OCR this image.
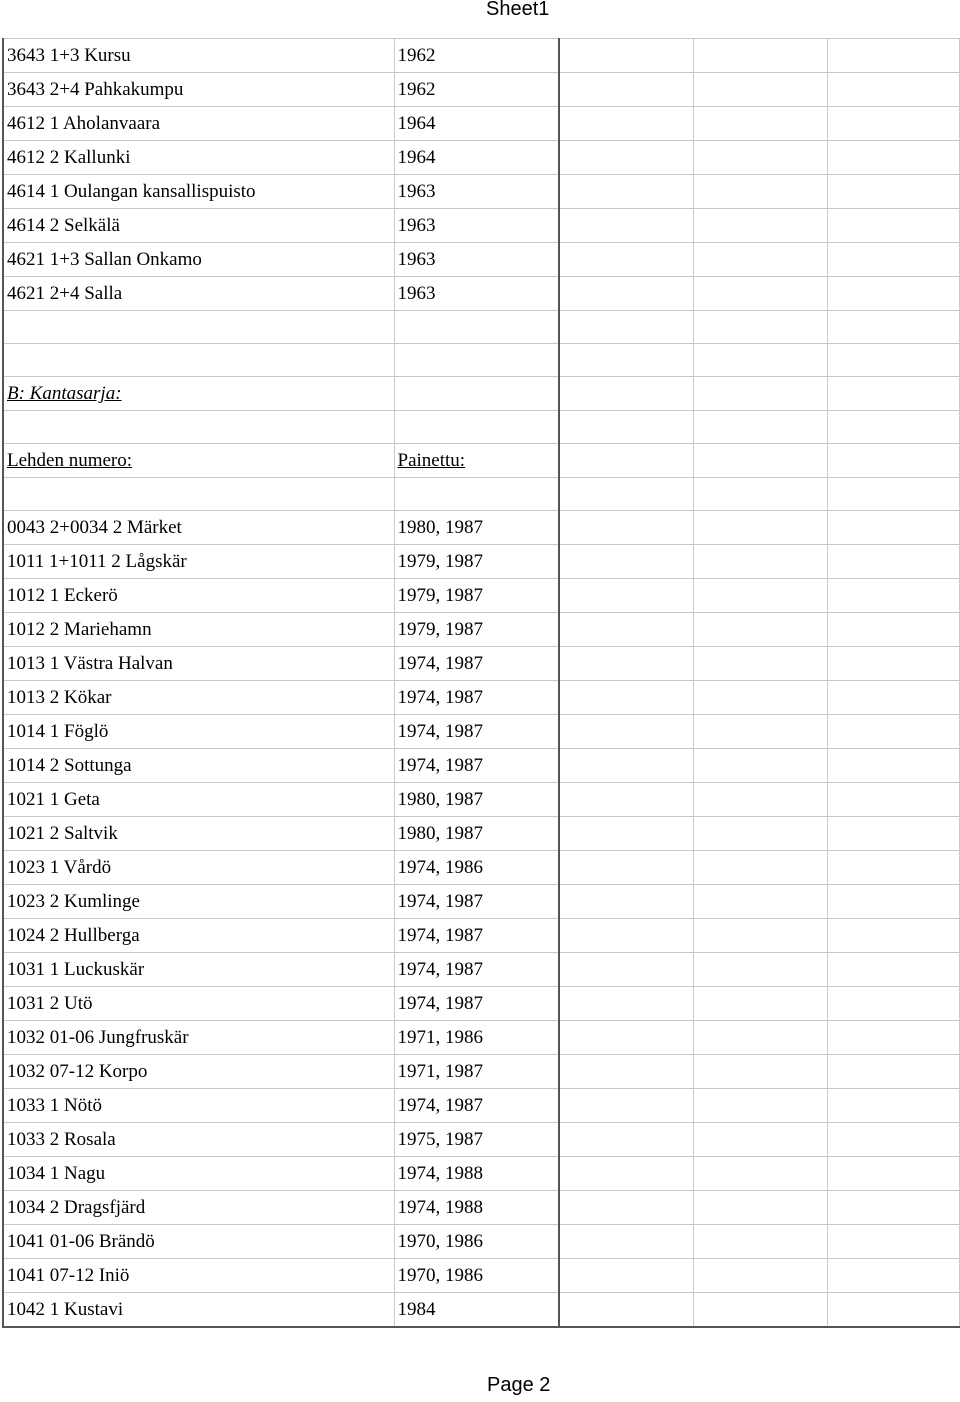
Sheet1
3643 1+3 Kursu	1962			
3643 2+4 Pahkakumpu	1962			
4612 1 Aholanvaara	1964			
4612 2 Kallunki	1964			
4614 1 Oulangan kansallispuisto	1963			
4614 2 Selkälä	1963			
4621 1+3 Sallan Onkamo	1963			
4621 2+4 Salla	1963			

B: Kantasarja:				

Lehden numero:	Painettu:			

0043 2+0034 2 Märket	1980, 1987			
1011 1+1011 2 Lågskär	1979, 1987			
1012 1 Eckerö	1979, 1987			
1012 2 Mariehamn	1979, 1987			
1013 1 Västra Halvan	1974, 1987			
1013 2 Kökar	1974, 1987			
1014 1 Föglö	1974, 1987			
1014 2 Sottunga	1974, 1987			
1021 1 Geta	1980, 1987			
1021 2 Saltvik	1980, 1987			
1023 1 Vårdö	1974, 1986			
1023 2 Kumlinge	1974, 1987			
1024 2 Hullberga	1974, 1987			
1031 1 Luckuskär	1974, 1987			
1031 2 Utö	1974, 1987			
1032 01-06 Jungfruskär	1971, 1986			
1032 07-12 Korpo	1971, 1987			
1033 1 Nötö	1974, 1987			
1033 2 Rosala	1975, 1987			
1034 1 Nagu	1974, 1988			
1034 2 Dragsfjärd	1974, 1988			
1041 01-06 Brändö	1970, 1986			
1041 07-12 Iniö	1970, 1986			
1042 1 Kustavi	1984			
Page 2
